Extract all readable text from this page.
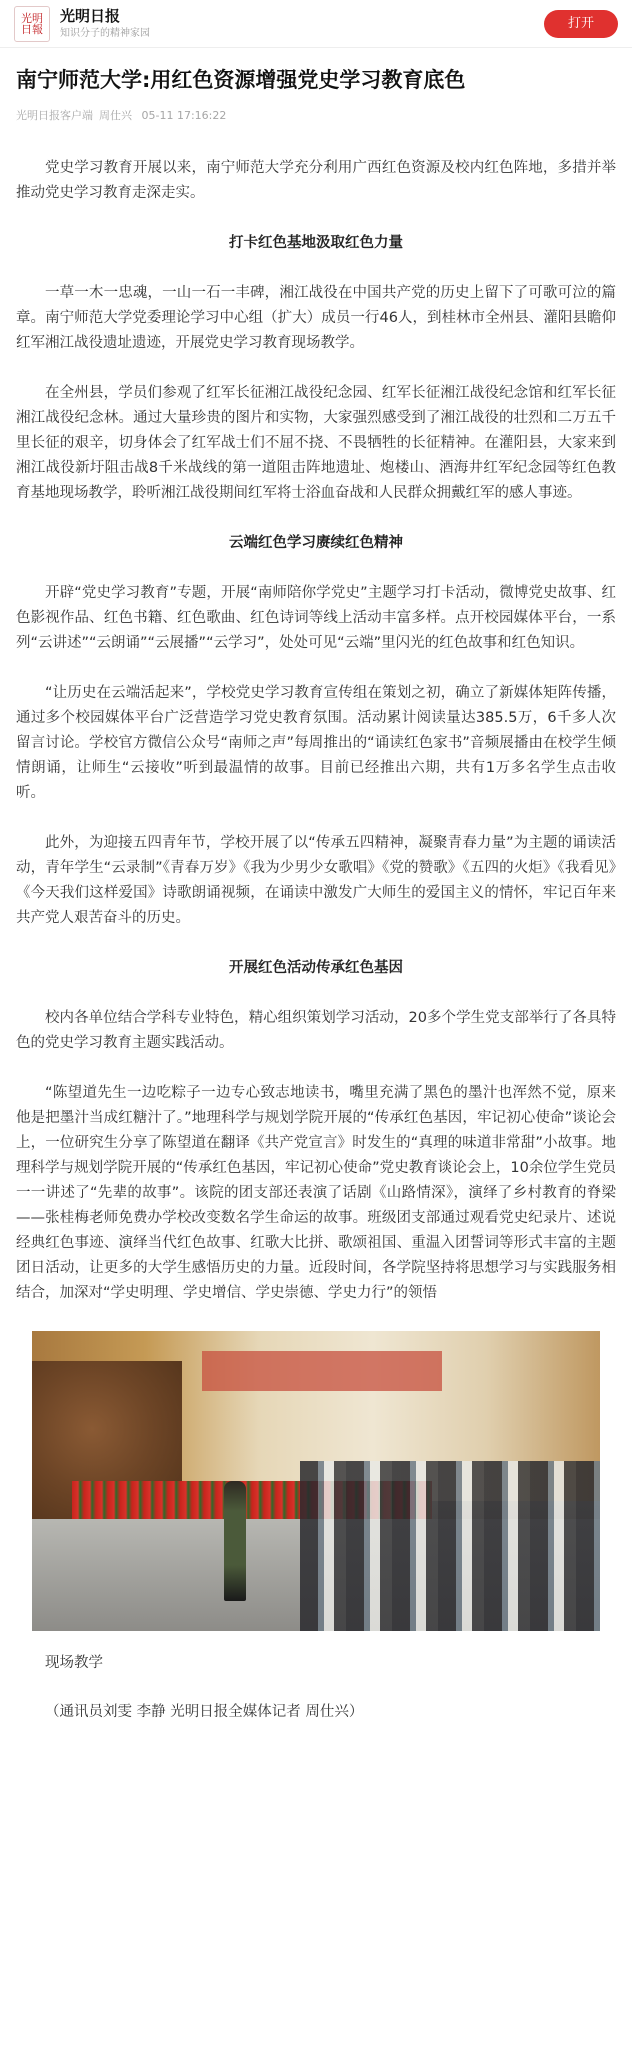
光明日報
光明日报
知识分子的精神家园
打开
南宁师范大学:用红色资源增强党史学习教育底色
光明日报客户端 周仕兴 05-11 17:16:22

党史学习教育开展以来，南宁师范大学充分利用广西红色资源及校内红色阵地，多措并举推动党史学习教育走深走实。

打卡红色基地汲取红色力量

一草一木一忠魂，一山一石一丰碑，湘江战役在中国共产党的历史上留下了可歌可泣的篇章。南宁师范大学党委理论学习中心组（扩大）成员一行46人，到桂林市全州县、灌阳县瞻仰红军湘江战役遗址遗迹，开展党史学习教育现场教学。

在全州县，学员们参观了红军长征湘江战役纪念园、红军长征湘江战役纪念馆和红军长征湘江战役纪念林。通过大量珍贵的图片和实物，大家强烈感受到了湘江战役的壮烈和二万五千里长征的艰辛，切身体会了红军战士们不屈不挠、不畏牺牲的长征精神。在灌阳县，大家来到湘江战役新圩阻击战8千米战线的第一道阻击阵地遗址、炮楼山、酒海井红军纪念园等红色教育基地现场教学，聆听湘江战役期间红军将士浴血奋战和人民群众拥戴红军的感人事迹。

云端红色学习赓续红色精神

开辟“党史学习教育”专题，开展“南师陪你学党史”主题学习打卡活动，微博党史故事、红色影视作品、红色书籍、红色歌曲、红色诗词等线上活动丰富多样。点开校园媒体平台，一系列“云讲述”“云朗诵”“云展播”“云学习”，处处可见“云端”里闪光的红色故事和红色知识。

“让历史在云端活起来”，学校党史学习教育宣传组在策划之初，确立了新媒体矩阵传播，通过多个校园媒体平台广泛营造学习党史教育氛围。活动累计阅读量达385.5万，6千多人次留言讨论。学校官方微信公众号“南师之声”每周推出的“诵读红色家书”音频展播由在校学生倾情朗诵，让师生“云接收”听到最温情的故事。目前已经推出六期，共有1万多名学生点击收听。

此外，为迎接五四青年节，学校开展了以“传承五四精神，凝聚青春力量”为主题的诵读活动，青年学生“云录制”《青春万岁》《我为少男少女歌唱》《党的赞歌》《五四的火炬》《我看见》《今天我们这样爱国》诗歌朗诵视频，在诵读中激发广大师生的爱国主义的情怀，牢记百年来共产党人艰苦奋斗的历史。

开展红色活动传承红色基因

校内各单位结合学科专业特色，精心组织策划学习活动，20多个学生党支部举行了各具特色的党史学习教育主题实践活动。

“陈望道先生一边吃粽子一边专心致志地读书，嘴里充满了黑色的墨汁也浑然不觉，原来他是把墨汁当成红糖汁了。”地理科学与规划学院开展的“传承红色基因，牢记初心使命”谈论会上，一位研究生分享了陈望道在翻译《共产党宣言》时发生的“真理的味道非常甜”小故事。地理科学与规划学院开展的“传承红色基因，牢记初心使命”党史教育谈论会上，10余位学生党员一一讲述了“先辈的故事”。该院的团支部还表演了话剧《山路情深》，演绎了乡村教育的脊梁——张桂梅老师免费办学校改变数名学生命运的故事。班级团支部通过观看党史纪录片、述说经典红色事迹、演绎当代红色故事、红歌大比拼、歌颂祖国、重温入团誓词等形式丰富的主题团日活动，让更多的大学生感悟历史的力量。近段时间，各学院坚持将思想学习与实践服务相结合，加深对“学史明理、学史增信、学史崇德、学史力行”的领悟

现场教学
（通讯员刘雯 李静 光明日报全媒体记者 周仕兴）
